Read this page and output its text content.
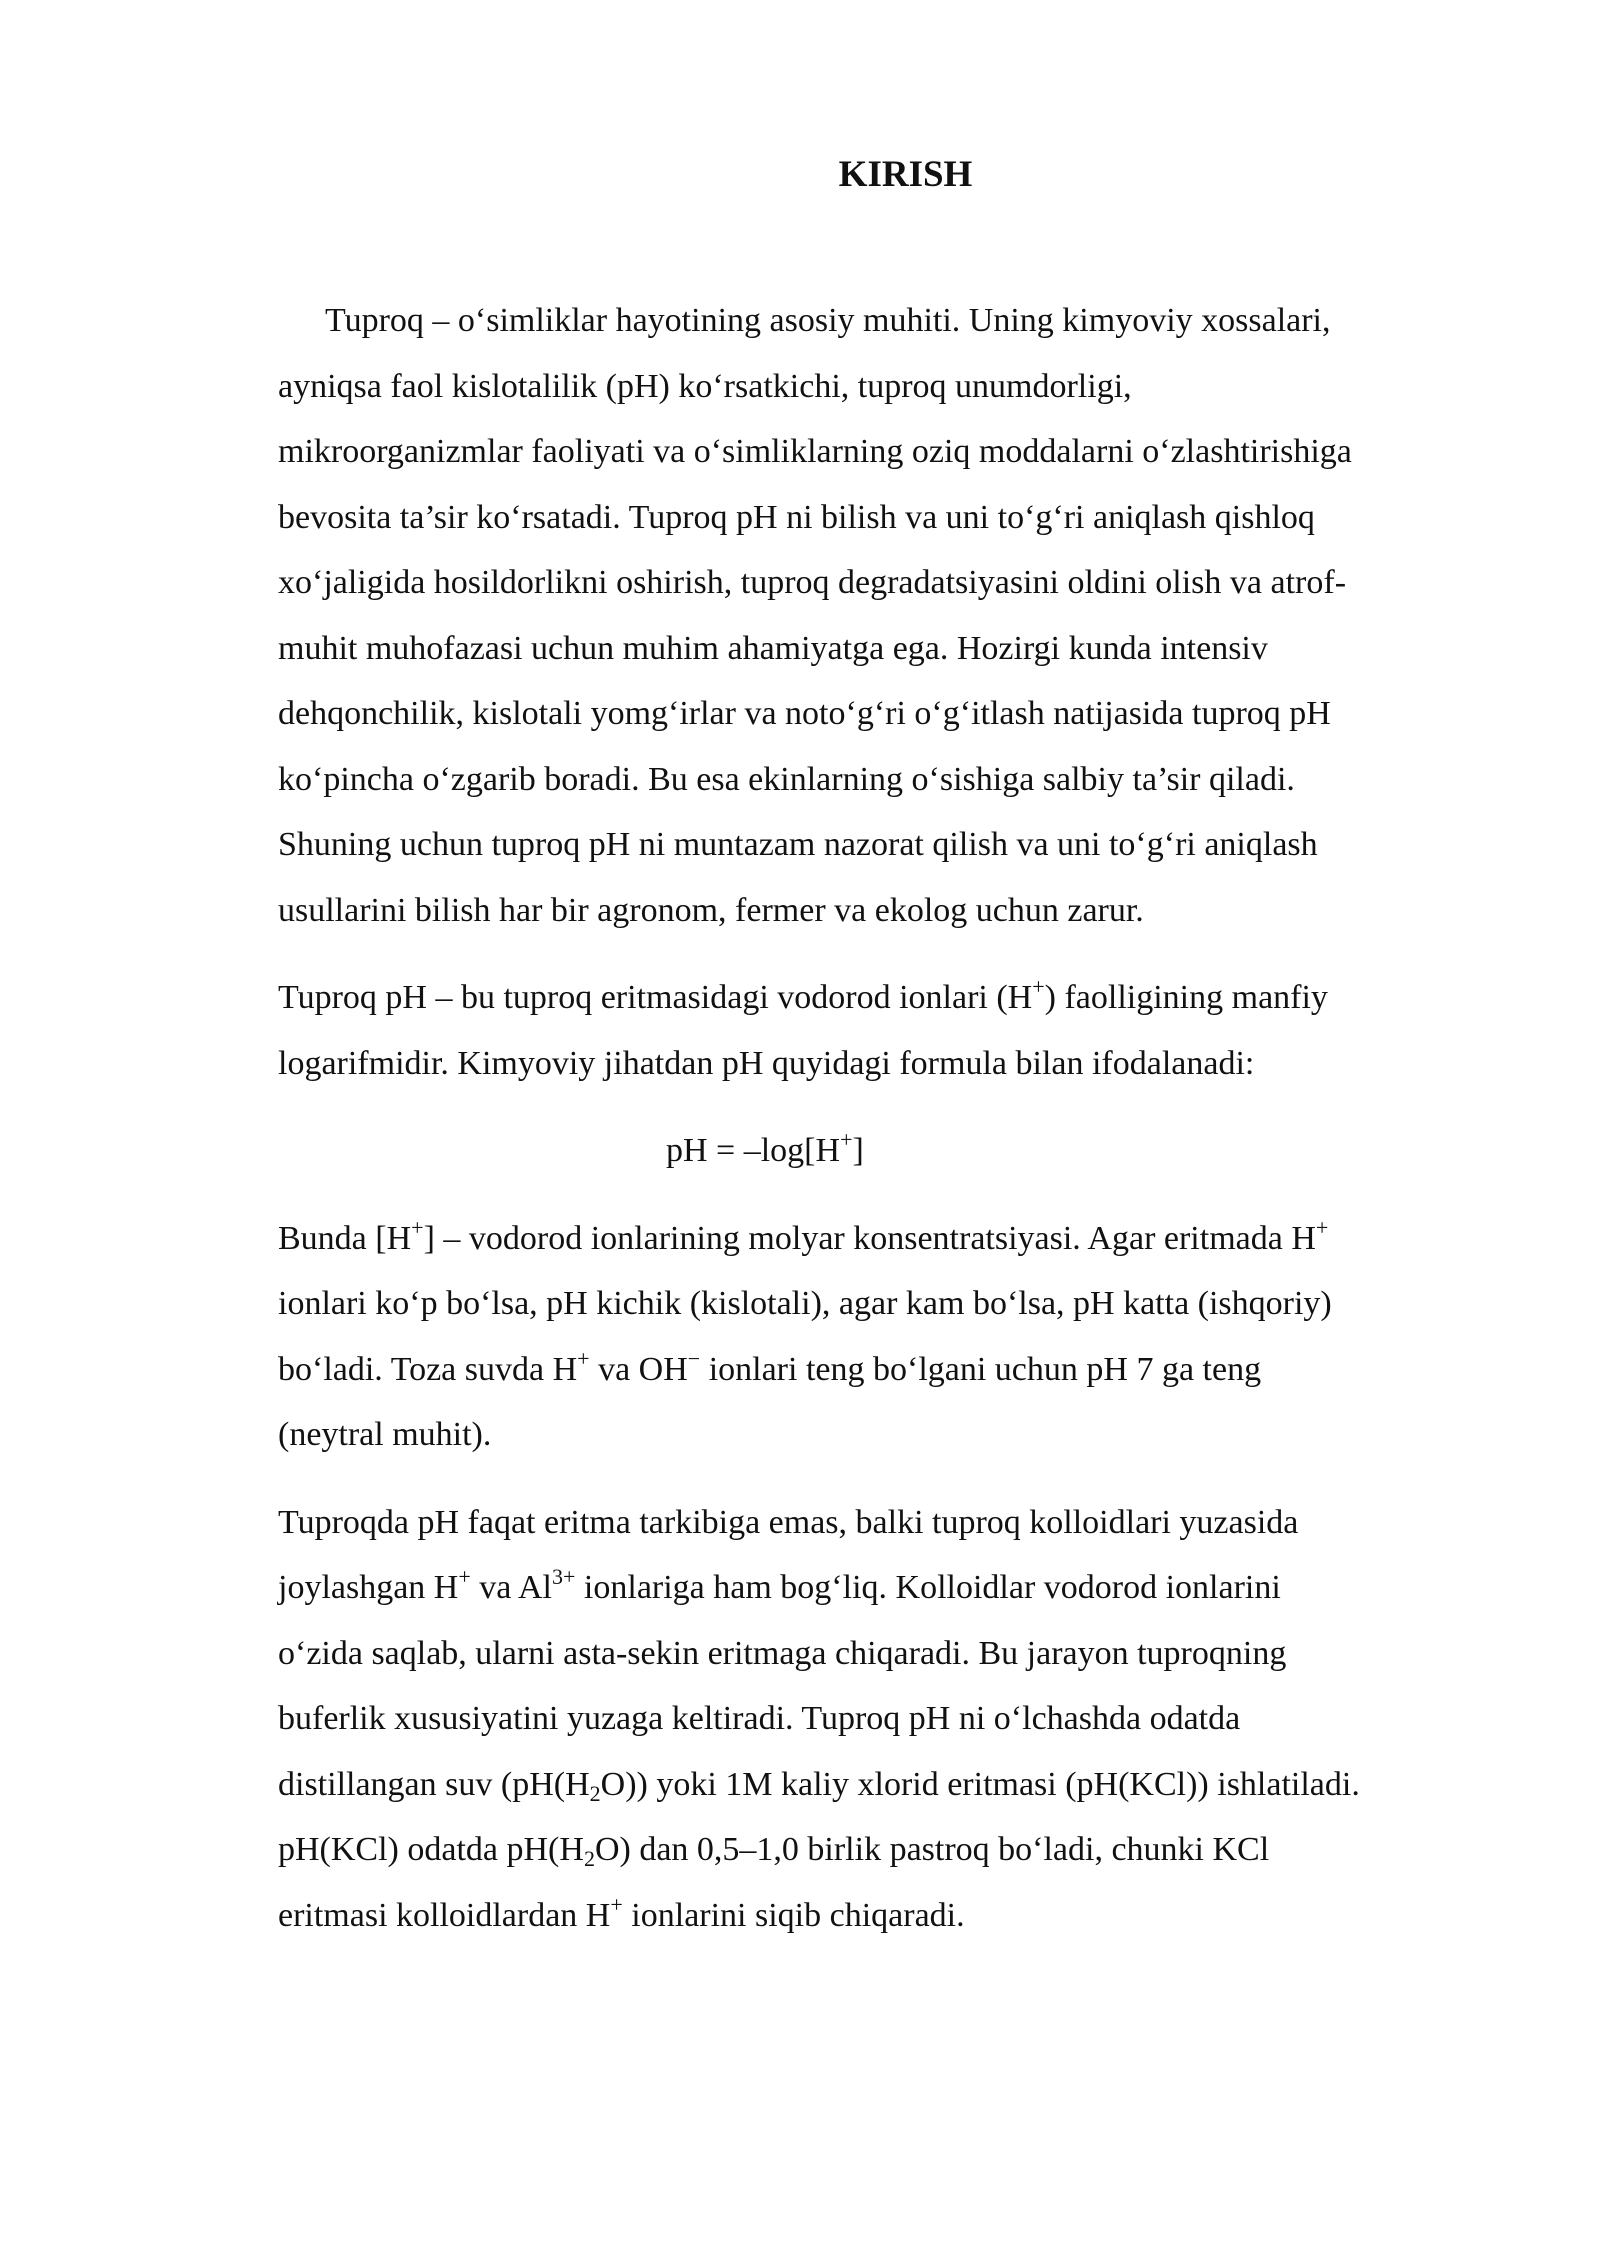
KIRISH

Tuproq – o‘simliklar hayotining asosiy muhiti. Uning kimyoviy xossalari,
ayniqsa faol kislotalilik (pH) ko‘rsatkichi, tuproq unumdorligi,
mikroorganizmlar faoliyati va o‘simliklarning oziq moddalarni o‘zlashtirishiga
bevosita ta’sir ko‘rsatadi. Tuproq pH ni bilish va uni to‘g‘ri aniqlash qishloq
xo‘jaligida hosildorlikni oshirish, tuproq degradatsiyasini oldini olish va atrof-
muhit muhofazasi uchun muhim ahamiyatga ega. Hozirgi kunda intensiv
dehqonchilik, kislotali yomg‘irlar va noto‘g‘ri o‘g‘itlash natijasida tuproq pH
ko‘pincha o‘zgarib boradi. Bu esa ekinlarning o‘sishiga salbiy ta’sir qiladi.
Shuning uchun tuproq pH ni muntazam nazorat qilish va uni to‘g‘ri aniqlash
usullarini bilish har bir agronom, fermer va ekolog uchun zarur.

Tuproq pH – bu tuproq eritmasidagi vodorod ionlari (H+) faolligining manfiy
logarifmidir. Kimyoviy jihatdan pH quyidagi formula bilan ifodalanadi:

pH = –log[H+]

Bunda [H+] – vodorod ionlarining molyar konsentratsiyasi. Agar eritmada H+
ionlari ko‘p bo‘lsa, pH kichik (kislotali), agar kam bo‘lsa, pH katta (ishqoriy)
bo‘ladi. Toza suvda H+ va OH− ionlari teng bo‘lgani uchun pH 7 ga teng
(neytral muhit).

Tuproqda pH faqat eritma tarkibiga emas, balki tuproq kolloidlari yuzasida
joylashgan H+ va $Al^{3+}$ ionlariga ham bog‘liq. Kolloidlar vodorod ionlarini
o‘zida saqlab, ularni asta-sekin eritmaga chiqaradi. Bu jarayon tuproqning
buferlik xususiyatini yuzaga keltiradi. Tuproq pH ni o‘lchashda odatda
distillangan suv $(pH(H_2O))$ yoki 1M kaliy xlorid eritmasi (pH(KCl)) ishlatiladi.
pH(KCl) odatda $pH(H_2O)$ dan 0,5–1,0 birlik pastroq bo‘ladi, chunki KCl
eritmasi kolloidlardan H+ ionlarini siqib chiqaradi.
